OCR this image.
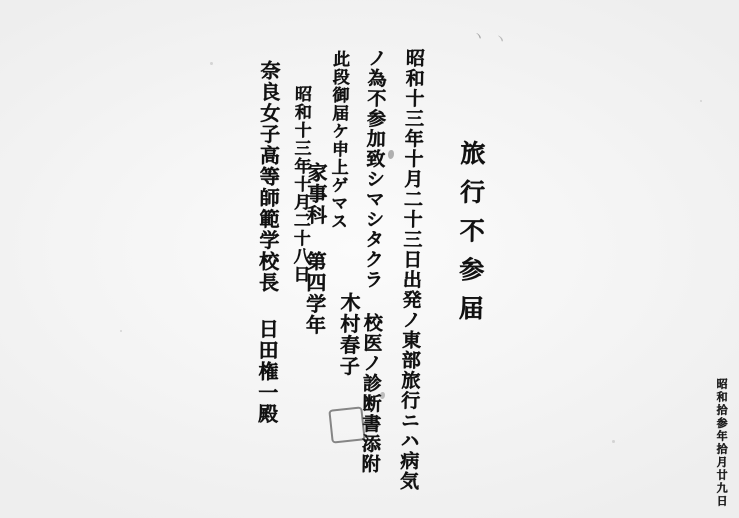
ヽ ヽ
旅行不参届
昭和十三年十月二十三日出発ノ東部旅行ニハ病気
ノ為不参加致シマシタクラ 校医ノ診断書添附
此段御届ケ申上ゲマス
昭和十三年十月二十八日
家事科 第四学年 木村春子
奈良女子高等師範学校長 日田権一殿
昭和拾参年拾月廿九日
